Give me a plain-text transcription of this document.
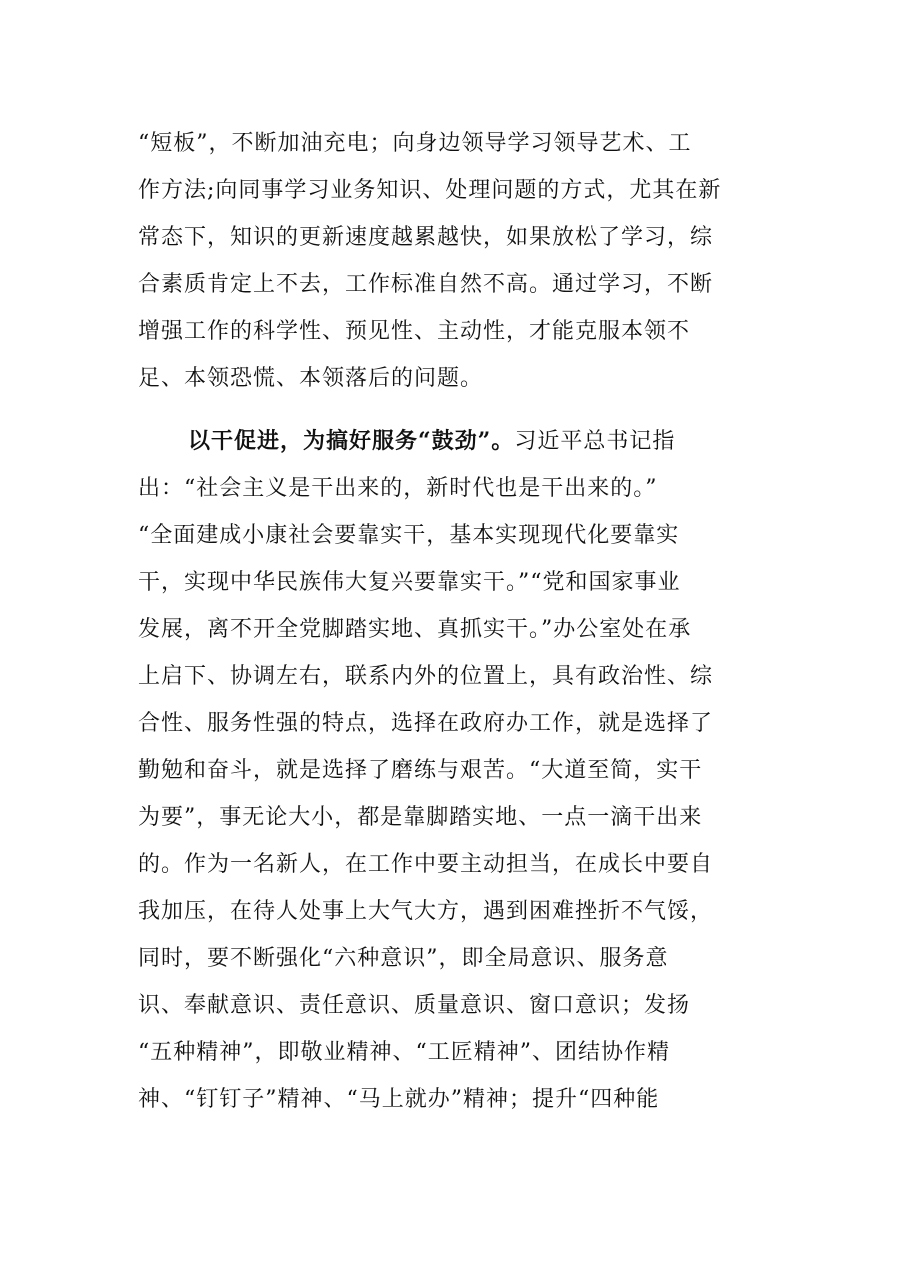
“短板”，不断加油充电；向身边领导学习领导艺术、工
作方法;向同事学习业务知识、处理问题的方式，尤其在新
常态下，知识的更新速度越累越快，如果放松了学习，综
合素质肯定上不去，工作标准自然不高。通过学习，不断
增强工作的科学性、预见性、主动性，才能克服本领不
足、本领恐慌、本领落后的问题。
以干促进，为搞好服务“鼓劲”。习近平总书记指
出：“社会主义是干出来的，新时代也是干出来的。”
“全面建成小康社会要靠实干，基本实现现代化要靠实
干，实现中华民族伟大复兴要靠实干。”“党和国家事业
发展，离不开全党脚踏实地、真抓实干。”办公室处在承
上启下、协调左右，联系内外的位置上，具有政治性、综
合性、服务性强的特点，选择在政府办工作，就是选择了
勤勉和奋斗，就是选择了磨练与艰苦。“大道至简，实干
为要”，事无论大小，都是靠脚踏实地、一点一滴干出来
的。作为一名新人，在工作中要主动担当，在成长中要自
我加压，在待人处事上大气大方，遇到困难挫折不气馁，
同时，要不断强化“六种意识”，即全局意识、服务意
识、奉献意识、责任意识、质量意识、窗口意识；发扬
“五种精神”，即敬业精神、“工匠精神”、团结协作精
神、“钉钉子”精神、“马上就办”精神；提升“四种能
